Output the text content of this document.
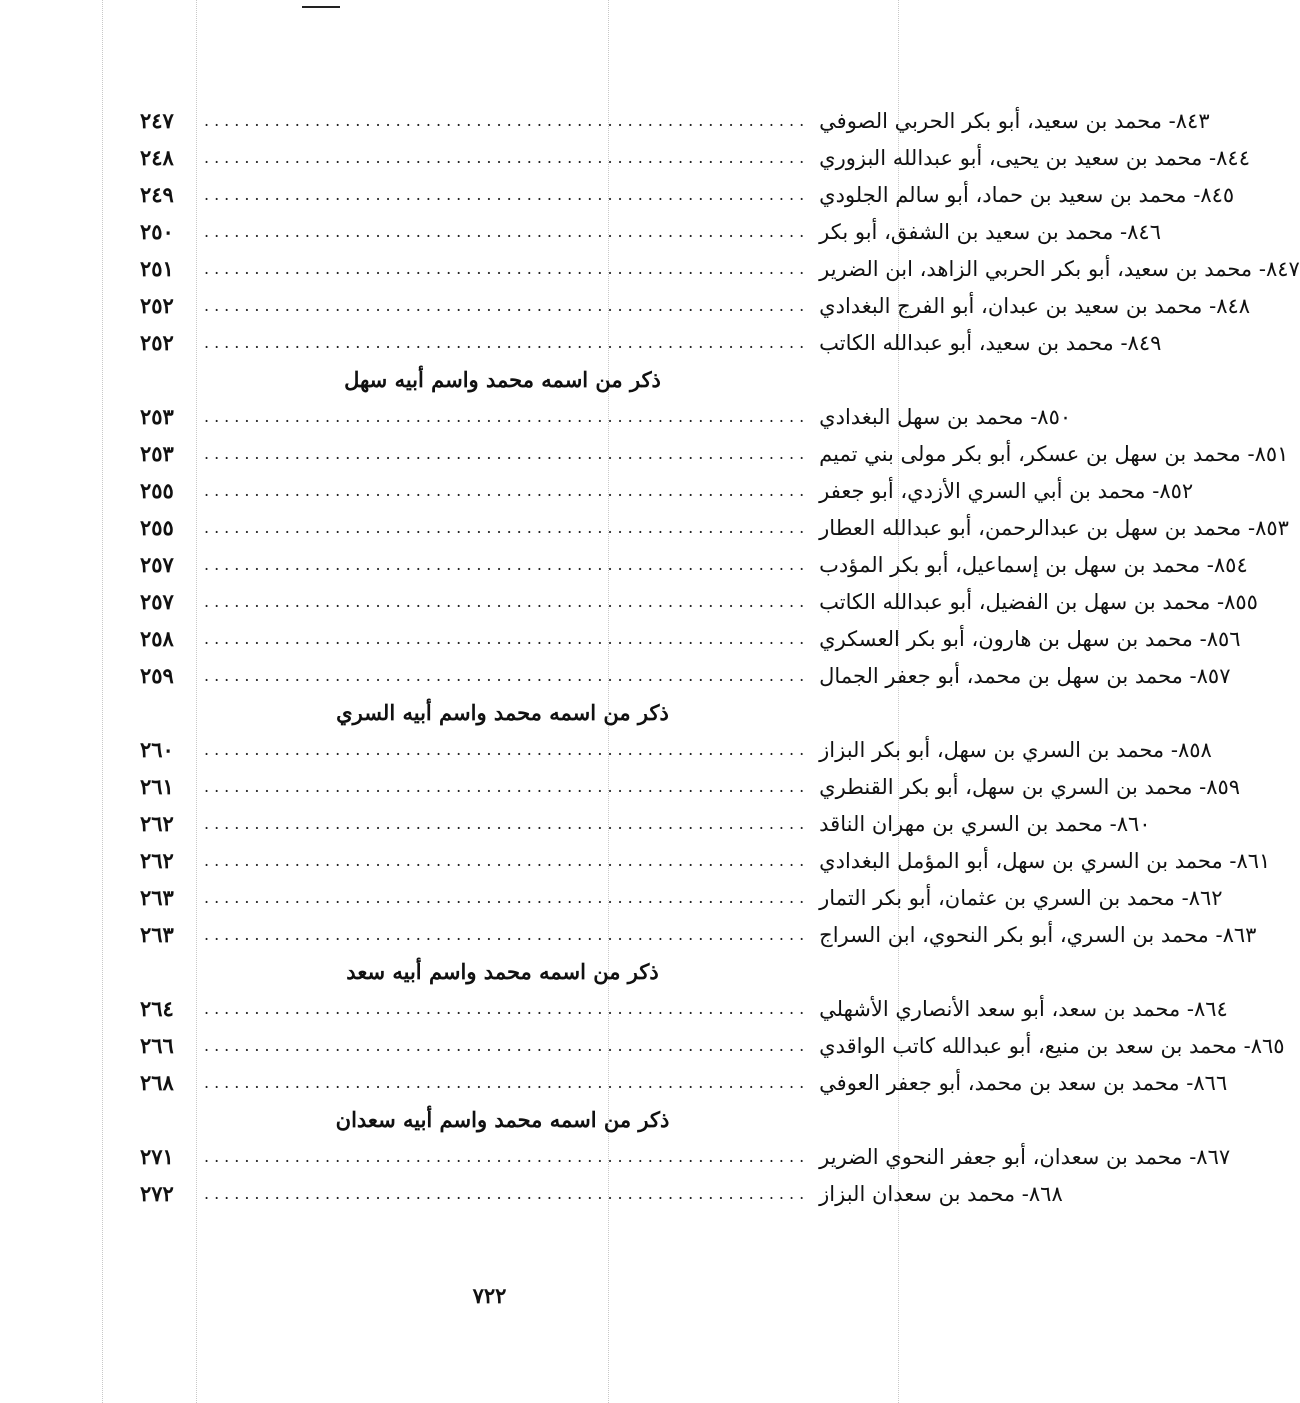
٢٤٧	............................................................	٨٤٣- محمد بن سعيد، أبو بكر الحربي الصوفي
٢٤٨	............................................................	٨٤٤- محمد بن سعيد بن يحيى، أبو عبدالله البزوري
٢٤٩	............................................................	٨٤٥- محمد بن سعيد بن حماد، أبو سالم الجلودي
٢٥٠	............................................................	٨٤٦- محمد بن سعيد بن الشفق، أبو بكر
٢٥١	............................................................	٨٤٧- محمد بن سعيد، أبو بكر الحربي الزاهد، ابن الضرير
٢٥٢	............................................................	٨٤٨- محمد بن سعيد بن عبدان، أبو الفرج البغدادي
٢٥٢	............................................................	٨٤٩- محمد بن سعيد، أبو عبدالله الكاتب
ذكر من اسمه محمد واسم أبيه سهل
٢٥٣	............................................................	٨٥٠- محمد بن سهل البغدادي
٢٥٣	............................................................	٨٥١- محمد بن سهل بن عسكر، أبو بكر مولى بني تميم
٢٥٥	............................................................	٨٥٢- محمد بن أبي السري الأزدي، أبو جعفر
٢٥٥	............................................................	٨٥٣- محمد بن سهل بن عبدالرحمن، أبو عبدالله العطار
٢٥٧	............................................................	٨٥٤- محمد بن سهل بن إسماعيل، أبو بكر المؤدب
٢٥٧	............................................................	٨٥٥- محمد بن سهل بن الفضيل، أبو عبدالله الكاتب
٢٥٨	............................................................	٨٥٦- محمد بن سهل بن هارون، أبو بكر العسكري
٢٥٩	............................................................	٨٥٧- محمد بن سهل بن محمد، أبو جعفر الجمال
ذكر من اسمه محمد واسم أبيه السري
٢٦٠	............................................................	٨٥٨- محمد بن السري بن سهل، أبو بكر البزاز
٢٦١	............................................................	٨٥٩- محمد بن السري بن سهل، أبو بكر القنطري
٢٦٢	............................................................	٨٦٠- محمد بن السري بن مهران الناقد
٢٦٢	............................................................	٨٦١- محمد بن السري بن سهل، أبو المؤمل البغدادي
٢٦٣	............................................................	٨٦٢- محمد بن السري بن عثمان، أبو بكر التمار
٢٦٣	............................................................	٨٦٣- محمد بن السري، أبو بكر النحوي، ابن السراج
ذكر من اسمه محمد واسم أبيه سعد
٢٦٤	............................................................	٨٦٤- محمد بن سعد، أبو سعد الأنصاري الأشهلي
٢٦٦	............................................................	٨٦٥- محمد بن سعد بن منيع، أبو عبدالله كاتب الواقدي
٢٦٨	............................................................	٨٦٦- محمد بن سعد بن محمد، أبو جعفر العوفي
ذكر من اسمه محمد واسم أبيه سعدان
٢٧١	............................................................	٨٦٧- محمد بن سعدان، أبو جعفر النحوي الضرير
٢٧٢	............................................................	٨٦٨- محمد بن سعدان البزاز
٧٢٢
